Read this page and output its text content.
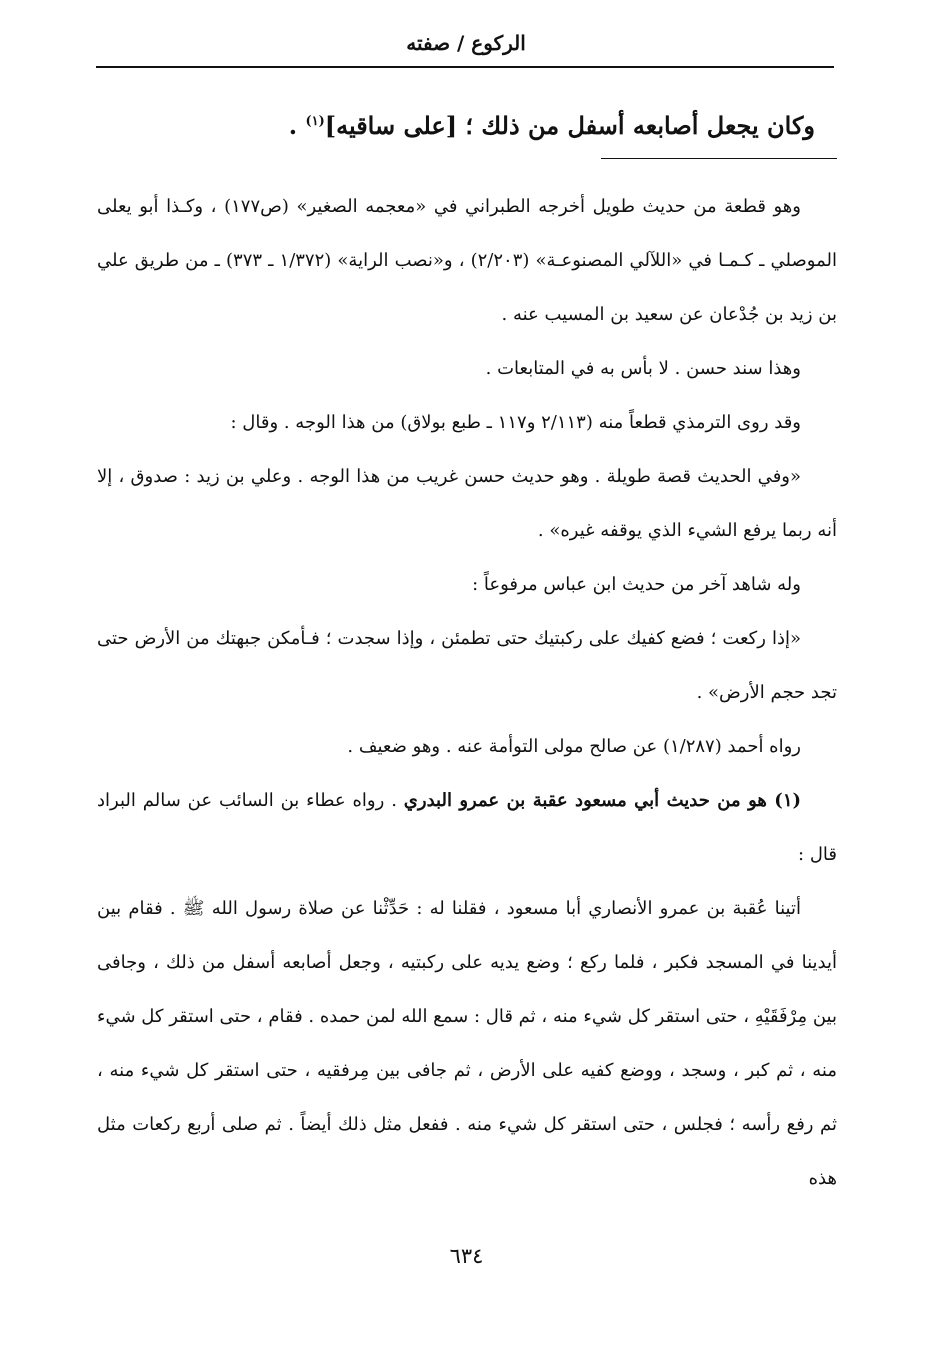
الركوع / صفته
وكان يجعل أصابعه أسفل من ذلك ؛ [على ساقيه]$^{(١)}$ .

وهو قطعة من حديث طويل أخرجه الطبراني في «معجمه الصغير» (ص١٧٧) ، وكـذا أبو يعلى الموصلي ـ كـمـا في «اللآلي المصنوعـة» (٢/٢٠٣) ، و«نصب الراية» (١/٣٧٢ ـ ٣٧٣) ـ من طريق علي بن زيد بن جُدْعان عن سعيد بن المسيب عنه .

وهذا سند حسن . لا بأس به في المتابعات .

وقد روى الترمذي قطعاً منه (٢/١١٣ و١١٧ ـ طبع بولاق) من هذا الوجه . وقال :

«وفي الحديث قصة طويلة . وهو حديث حسن غريب من هذا الوجه . وعلي بن زيد : صدوق ، إلا أنه ربما يرفع الشيء الذي يوقفه غيره» .

وله شاهد آخر من حديث ابن عباس مرفوعاً :

«إذا ركعت ؛ فضع كفيك على ركبتيك حتى تطمئن ، وإذا سجدت ؛ فـأمكن جبهتك من الأرض حتى تجد حجم الأرض» .

رواه أحمد (١/٢٨٧) عن صالح مولى التوأمة عنه . وهو ضعيف .

(١) هو من حديث أبي مسعود عقبة بن عمرو البدري . رواه عطاء بن السائب عن سالم البراد قال :

أتينا عُقبة بن عمرو الأنصاري أبا مسعود ، فقلنا له : حَدِّثْنا عن صلاة رسول الله ﷺ . فقام بين أيدينا في المسجد فكبر ، فلما ركع ؛ وضع يديه على ركبتيه ، وجعل أصابعه أسفل من ذلك ، وجافى بين مِرْفَقَيْهِ ، حتى استقر كل شيء منه ، ثم قال : سمع الله لمن حمده . فقام ، حتى استقر كل شيء منه ، ثم كبر ، وسجد ، ووضع كفيه على الأرض ، ثم جافى بين مِرفقيه ، حتى استقر كل شيء منه ، ثم رفع رأسه ؛ فجلس ، حتى استقر كل شيء منه . ففعل مثل ذلك أيضاً . ثم صلى أربع ركعات مثل هذه

٦٣٤
